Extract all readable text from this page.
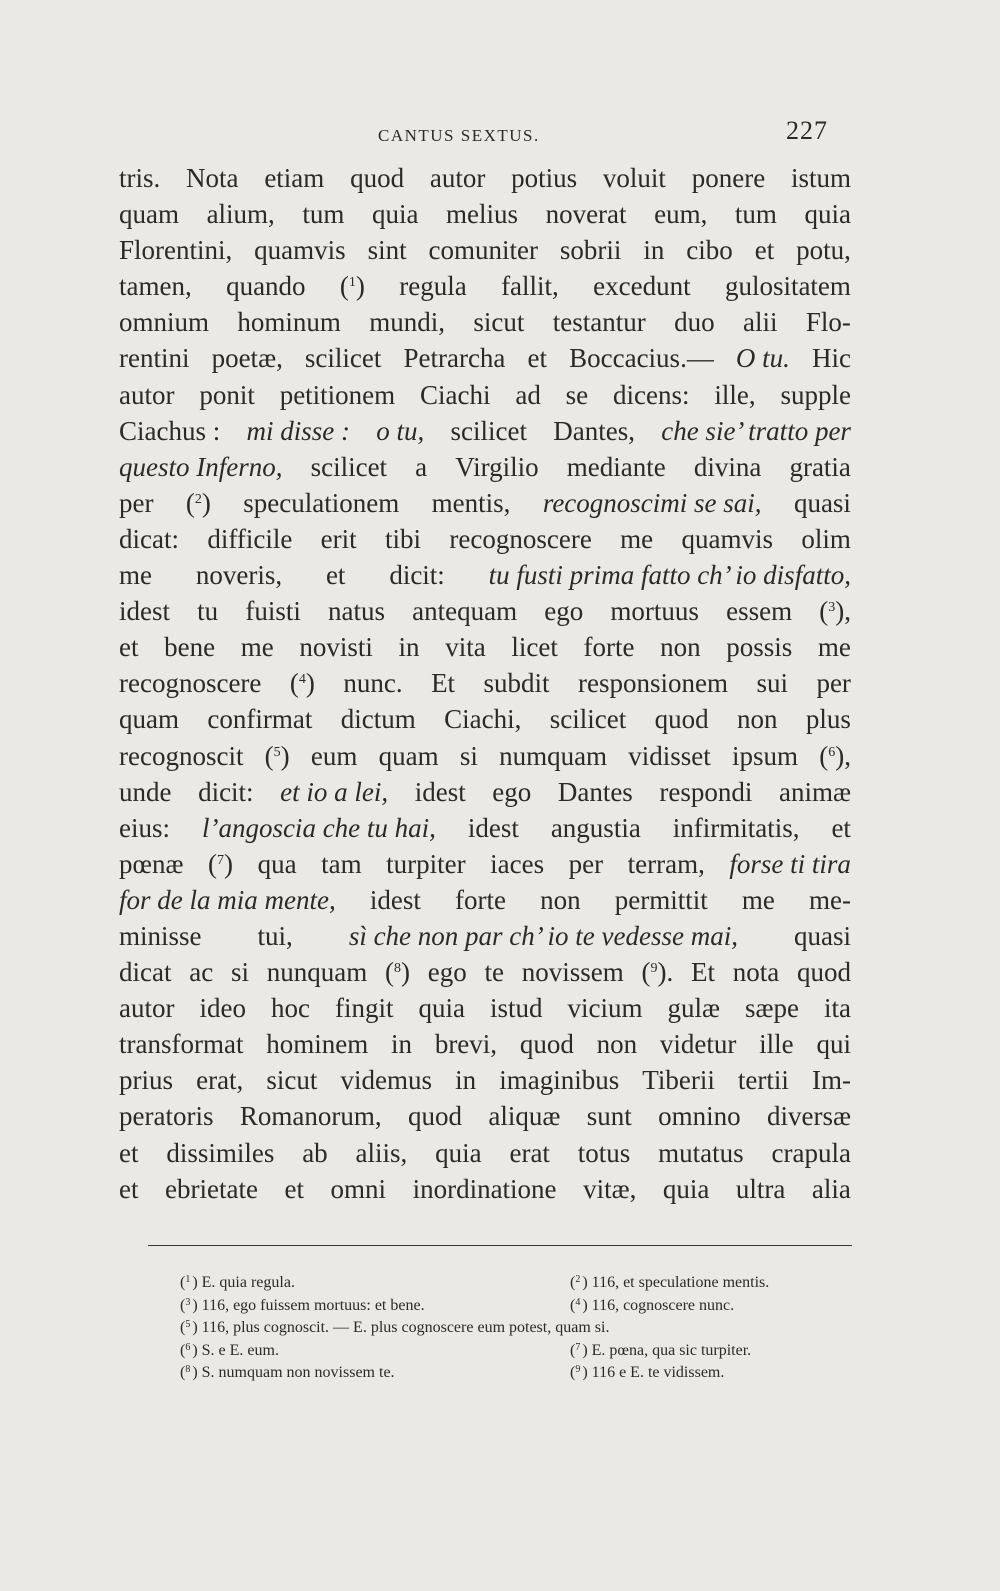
CANTUS SEXTUS.	227
tris. Nota etiam quod autor potius voluit ponere istum
quam alium, tum quia melius noverat eum, tum quia
Florentini, quamvis sint comuniter sobrii in cibo et potu,
tamen, quando ($^1$) regula fallit, excedunt gulositatem
omnium hominum mundi, sicut testantur duo alii Flo-
rentini poetæ, scilicet Petrarcha et Boccacius.— O tu. Hic
autor ponit petitionem Ciachi ad se dicens: ille, supple
Ciachus : mi disse : o tu, scilicet Dantes, che sie’ tratto per
questo Inferno, scilicet a Virgilio mediante divina gratia
per ($^2$) speculationem mentis, recognoscimi se sai, quasi
dicat: difficile erit tibi recognoscere me quamvis olim
me noveris, et dicit: tu fusti prima fatto ch’ io disfatto,
idest tu fuisti natus antequam ego mortuus essem ($^3$),
et bene me novisti in vita licet forte non possis me
recognoscere ($^4$) nunc. Et subdit responsionem sui per
quam confirmat dictum Ciachi, scilicet quod non plus
recognoscit ($^5$) eum quam si numquam vidisset ipsum ($^6$),
unde dicit: et io a lei, idest ego Dantes respondi animæ
eius: l’angoscia che tu hai, idest angustia infirmitatis, et
pœnæ ($^7$) qua tam turpiter iaces per terram, forse ti tira
for de la mia mente, idest forte non permittit me me-
minisse tui, sì che non par ch’ io te vedesse mai, quasi
dicat ac si nunquam ($^8$) ego te novissem ($^9$). Et nota quod
autor ideo hoc fingit quia istud vicium gulæ sæpe ita
transformat hominem in brevi, quod non videtur ille qui
prius erat, sicut videmus in imaginibus Tiberii tertii Im-
peratoris Romanorum, quod aliquæ sunt omnino diversæ
et dissimiles ab aliis, quia erat totus mutatus crapula
et ebrietate et omni inordinatione vitæ, quia ultra alia
($^1$ ) E. quia regula.	($^2$ ) 116, et speculatione mentis.
($^3$ ) 116, ego fuissem mortuus: et bene.	($^4$ ) 116, cognoscere nunc.
($^5$ ) 116, plus cognoscit. — E. plus cognoscere eum potest, quam si.
($^6$ ) S. e E. eum.	($^7$ ) E. pœna, qua sic turpiter.
($^8$ ) S. numquam non novissem te.	($^9$ ) 116 e E. te vidissem.
